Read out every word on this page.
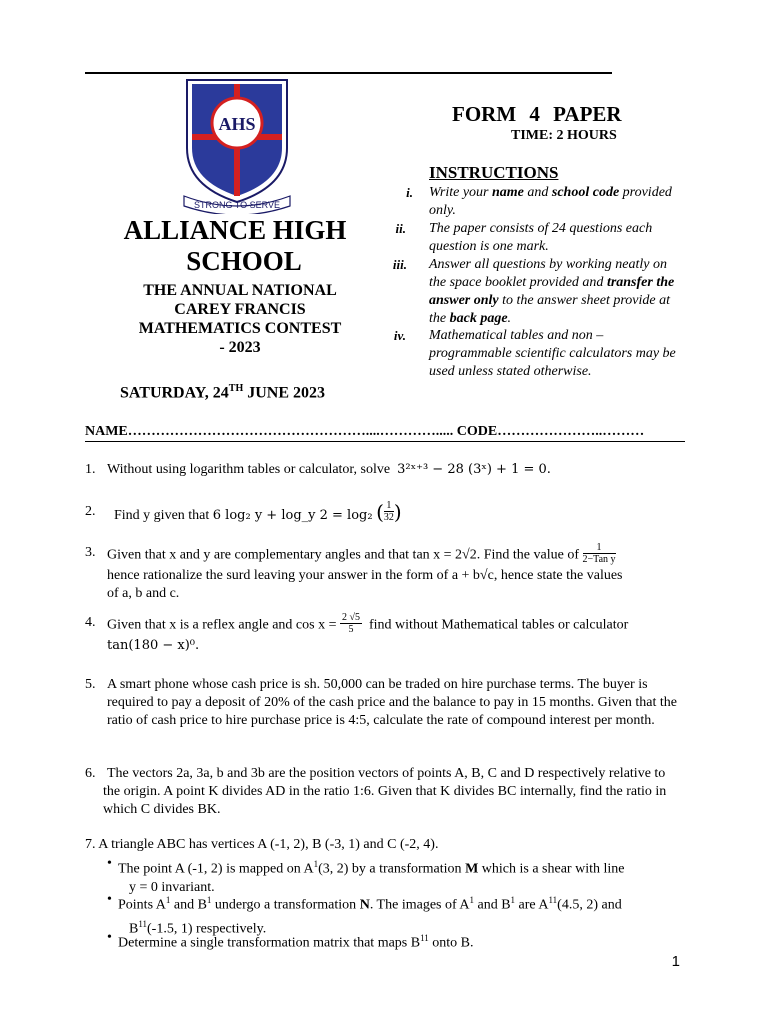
AHS
STRONG TO SERVE
ALLIANCE HIGH
SCHOOL
THE ANNUAL NATIONAL
CAREY FRANCIS
MATHEMATICS CONTEST
- 2023
SATURDAY, 24TH JUNE 2023
FORM 4 PAPER
TIME: 2 HOURS
INSTRUCTIONS
i. Write your name and school code provided only.
ii. The paper consists of 24 questions each question is one mark.
iii. Answer all questions by working neatly on the space booklet provided and transfer the answer only to the answer sheet provide at the back page.
iv. Mathematical tables and non – programmable scientific calculators may be used unless stated otherwise.
NAME……………………………………………....…………..... CODE…………………..………
1. Without using logarithm tables or calculator, solve 3²ˣ⁺³ − 28 (3ˣ) + 1 = 0.
2. Find y given that 6 log₂ y + log_y 2 = log₂ ( $\frac{1}{32}$ )
3. Given that x and y are complementary angles and that tan x = 2√2. Find the value of $\frac{1}{\text{2−Tan y}}$
hence rationalize the surd leaving your answer in the form of a + b√c, hence state the values
of a, b and c.
4. Given that x is a reflex angle and $\cos x = \frac{2 √5}{5}$ find without Mathematical tables or calculator
tan(180 − x)⁰.
5. A smart phone whose cash price is sh. 50,000 can be traded on hire purchase terms. The buyer is required to pay a deposit of 20% of the cash price and the balance to pay in 15 months. Given that the ratio of cash price to hire purchase price is 4:5, calculate the rate of compound interest per month.
6. The vectors 2a, 3a, b and 3b are the position vectors of points A, B, C and D respectively relative to the origin. A point K divides AD in the ratio 1:6. Given that K divides BC internally, find the ratio in which C divides BK.
7. A triangle ABC has vertices A (-1, 2), B (-3, 1) and C (-2, 4).
• The point A (-1, 2) is mapped on $A^1(3$, 2) by a transformation M which is a shear with line
y = 0 invariant.
• Points $A^1$ and $B^1$ undergo a transformation N. The images of $A^1$ and $B^1$ are $A^{11}(4.5$, 2) and
$B^{11}(-1.5$, 1) respectively.
• Determine a single transformation matrix that maps $B^{11}$ onto B.
1
